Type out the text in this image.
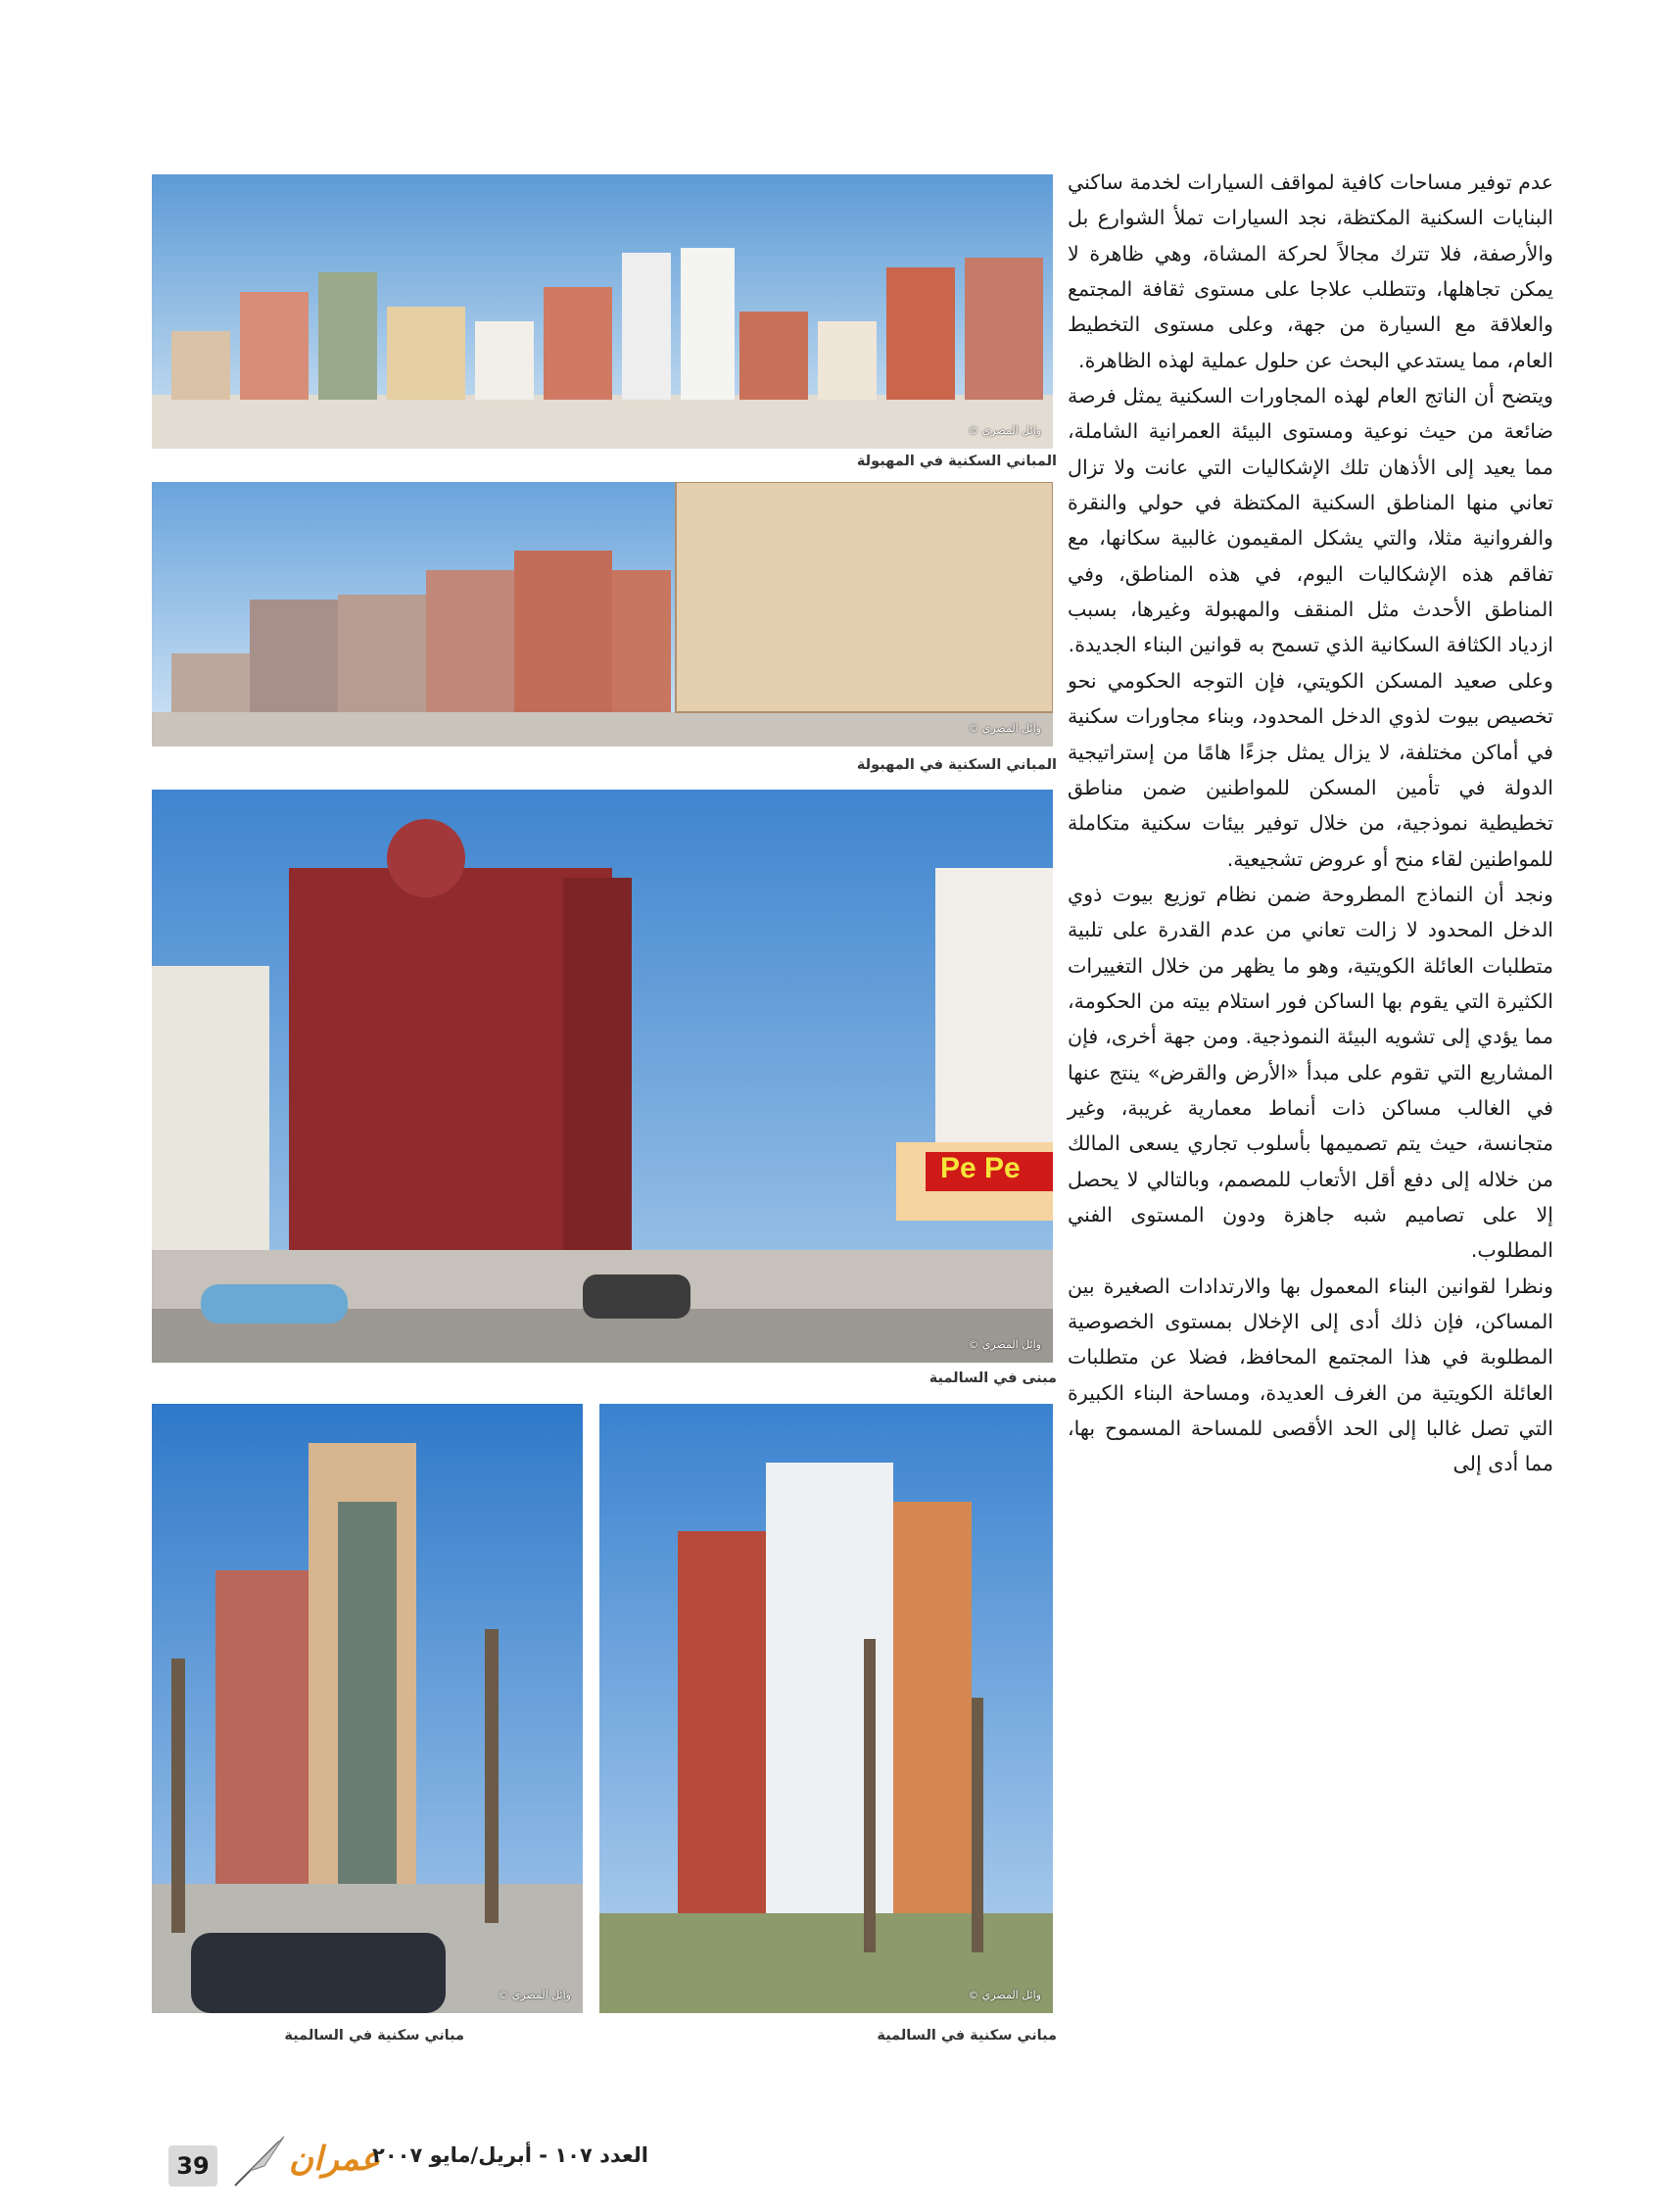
عدم توفير مساحات كافية لمواقف السيارات لخدمة ساكني البنايات السكنية المكتظة، نجد السيارات تملأ الشوارع بل والأرصفة، فلا تترك مجالاً لحركة المشاة، وهي ظاهرة لا يمكن تجاهلها، وتتطلب علاجا على مستوى ثقافة المجتمع والعلاقة مع السيارة من جهة، وعلى مستوى التخطيط العام، مما يستدعي البحث عن حلول عملية لهذه الظاهرة.

ويتضح أن الناتج العام لهذه المجاورات السكنية يمثل فرصة ضائعة من حيث نوعية ومستوى البيئة العمرانية الشاملة، مما يعيد إلى الأذهان تلك الإشكاليات التي عانت ولا تزال تعاني منها المناطق السكنية المكتظة في حولي والنقرة والفروانية مثلا، والتي يشكل المقيمون غالبية سكانها، مع تفاقم هذه الإشكاليات اليوم، في هذه المناطق، وفي المناطق الأحدث مثل المنقف والمهبولة وغيرها، بسبب ازدياد الكثافة السكانية الذي تسمح به قوانين البناء الجديدة.

وعلى صعيد المسكن الكويتي، فإن التوجه الحكومي نحو تخصيص بيوت لذوي الدخل المحدود، وبناء مجاورات سكنية في أماكن مختلفة، لا يزال يمثل جزءًا هامًا من إستراتيجية الدولة في تأمين المسكن للمواطنين ضمن مناطق تخطيطية نموذجية، من خلال توفير بيئات سكنية متكاملة للمواطنين لقاء منح أو عروض تشجيعية.

ونجد أن النماذج المطروحة ضمن نظام توزيع بيوت ذوي الدخل المحدود لا زالت تعاني من عدم القدرة على تلبية متطلبات العائلة الكويتية، وهو ما يظهر من خلال التغييرات الكثيرة التي يقوم بها الساكن فور استلام بيته من الحكومة، مما يؤدي إلى تشويه البيئة النموذجية. ومن جهة أخرى، فإن المشاريع التي تقوم على مبدأ «الأرض والقرض» ينتج عنها في الغالب مساكن ذات أنماط معمارية غريبة، وغير متجانسة، حيث يتم تصميمها بأسلوب تجاري يسعى المالك من خلاله إلى دفع أقل الأتعاب للمصمم، وبالتالي لا يحصل إلا على تصاميم شبه جاهزة ودون المستوى الفني المطلوب.

ونظرا لقوانين البناء المعمول بها والارتدادات الصغيرة بين المساكن، فإن ذلك أدى إلى الإخلال بمستوى الخصوصية المطلوبة في هذا المجتمع المحافظ، فضلا عن متطلبات العائلة الكويتية من الغرف العديدة، ومساحة البناء الكبيرة التي تصل غالبا إلى الحد الأقصى للمساحة المسموح بها، مما أدى إلى

وائل المصري ©
المباني السكنية في المهبولة
وائل المصري ©
المباني السكنية في المهبولة
Pe Pe
وائل المصري ©
مبنى في السالمية
وائل المصري ©
مباني سكنية في السالمية
وائل المصري ©
مباني سكنية في السالمية
39 عمران
العدد ١٠٧ - أبريل/مايو ٢٠٠٧
